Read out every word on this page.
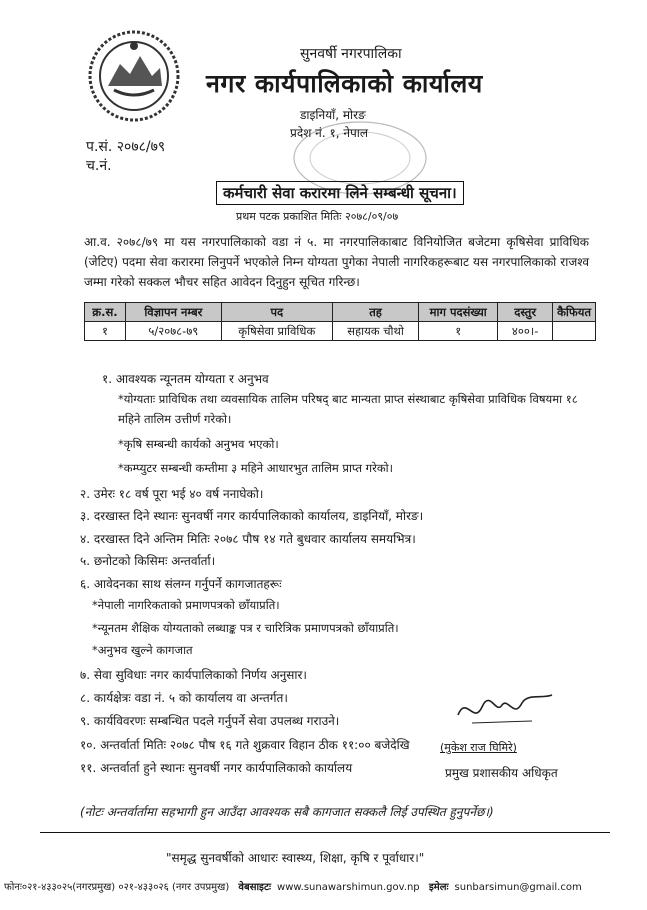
सुनवर्षी नगरपालिका
नगर कार्यपालिकाको कार्यालय
डाइनियाँ, मोरङ
प्रदेश नं. १, नेपाल
प.सं. २०७८/७९
च.नं.
कर्मचारी सेवा करारमा लिने सम्बन्धी सूचना।
प्रथम पटक प्रकाशित मितिः २०७८/०९/०७
आ.व. २०७८/७९ मा यस नगरपालिकाको वडा नं ५. मा नगरपालिकाबाट विनियोजित बजेटमा कृषिसेवा प्राविधिक (जेटिए) पदमा सेवा करारमा लिनुपर्ने भएकोले निम्न योग्यता पुगेका नेपाली नागरिकहरूबाट यस नगरपालिकाको राजश्व जम्मा गरेको सक्कल भौचर सहित आवेदन दिनुहुन सूचित गरिन्छ।
क्र.स.	विज्ञापन नम्बर	पद	तह	माग पदसंख्या	दस्तुर	कैफियत
१	५/२०७८-७९	कृषिसेवा प्राविधिक	सहायक चौथो	१	४००।-	
१. आवश्यक न्यूनतम योग्यता र अनुभव
*योग्यताः प्राविधिक तथा व्यवसायिक तालिम परिषद् बाट मान्यता प्राप्त संस्थाबाट कृषिसेवा प्राविधिक विषयमा १८ महिने तालिम उत्तीर्ण गरेको।
*कृषि सम्बन्धी कार्यको अनुभव भएको।
*कम्प्युटर सम्बन्धी कम्तीमा ३ महिने आधारभुत तालिम प्राप्त गरेको।
२. उमेरः १८ वर्ष पूरा भई ४० वर्ष ननाघेको।
३. दरखास्त दिने स्थानः सुनवर्षी नगर कार्यपालिकाको कार्यालय, डाइनियाँ, मोरङ।
४. दरखास्त दिने अन्तिम मितिः २०७८ पौष १४ गते बुधवार कार्यालय समयभित्र।
५. छनोटको किसिमः अन्तर्वार्ता।
६. आवेदनका साथ संलग्न गर्नुपर्ने कागजातहरूः
*नेपाली नागरिकताको प्रमाणपत्रको छाँयाप्रति।
*न्यूनतम शैक्षिक योग्यताको लब्धाङ्क पत्र र चारित्रिक प्रमाणपत्रको छाँयाप्रति।
*अनुभव खुल्ने कागजात
७. सेवा सुविधाः नगर कार्यपालिकाको निर्णय अनुसार।
८. कार्यक्षेत्रः वडा नं. ५ को कार्यालय वा अन्तर्गत।
९. कार्यविवरणः सम्बन्धित पदले गर्नुपर्ने सेवा उपलब्ध गराउने।
१०. अन्तर्वार्ता मितिः २०७८ पौष १६ गते शुक्रवार विहान ठीक ११:०० बजेदेखि
११. अन्तर्वार्ता हुने स्थानः सुनवर्षी नगर कार्यपालिकाको कार्यालय
(मुकेश राज घिमिरे)
प्रमुख प्रशासकीय अधिकृत
(नोटः अन्तर्वार्तामा सहभागी हुन आउँदा आवश्यक सबै कागजात सक्कलै लिई उपस्थित हुनुपर्नेछ।)
"समृद्ध सुनवर्षीको आधारः स्वास्थ्य, शिक्षा, कृषि र पूर्वाधार।"
फोनः०२१-४३३०२५(नगरप्रमुख) ०२१-४३३०२६ (नगर उपप्रमुख) वेबसाइटः www.sunawarshimun.gov.np इमेलः sunbarsimun@gmail.com
